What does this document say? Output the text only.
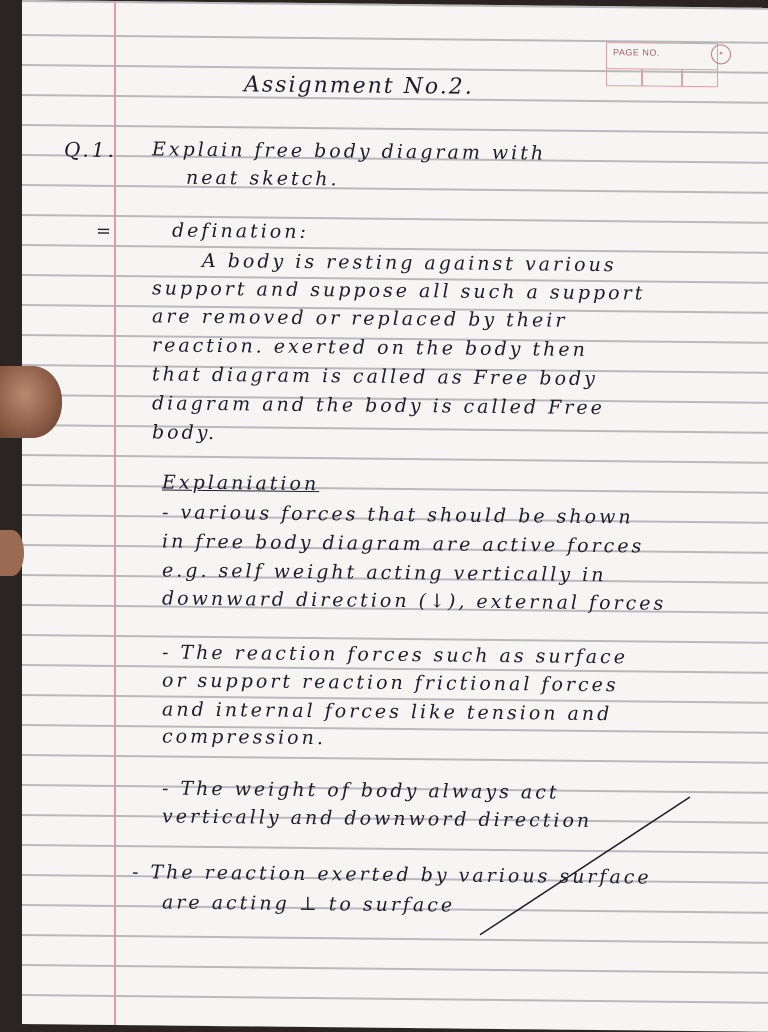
PAGE NO.	✦
Assignment No.2.
Q.1. Explain free body diagram with
neat sketch.
=	defination:
A body is resting against various
support and suppose all such a support
are removed or replaced by their
reaction. exerted on the body then
that diagram is called as Free body
diagram and the body is called Free
body.
Explaniation
- various forces that should be shown
in free body diagram are active forces
e.g. self weight acting vertically in
downward direction (↓), external forces
- The reaction forces such as surface
or support reaction frictional forces
and internal forces like tension and
compression.
- The weight of body always act
vertically and downword direction
- The reaction exerted by various surface
are acting ⊥ to surface
